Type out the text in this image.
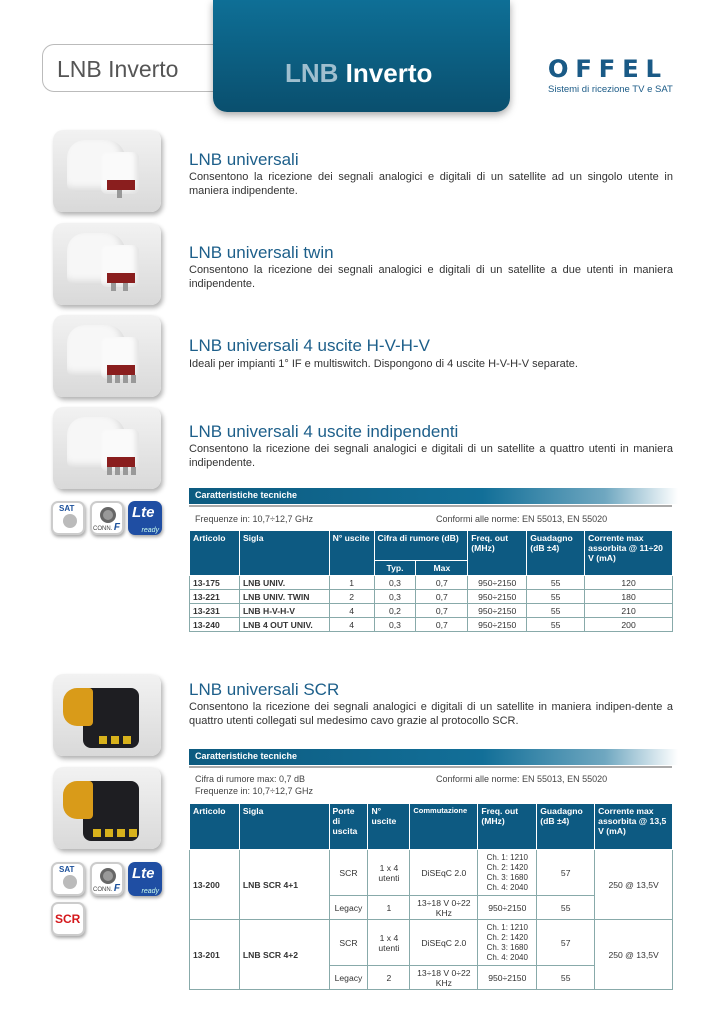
LNB Inverto	LNB Inverto	OFFEL
Sistemi di ricezione TV e SAT
SAT
CONN. F
Lte
ready
LNB universali
Consentono la ricezione dei segnali analogici e digitali di un satellite ad un singolo utente in maniera indipendente.
LNB universali twin
Consentono la ricezione dei segnali analogici e digitali di un satellite a due utenti in maniera indipendente.
LNB universali 4 uscite H-V-H-V
Ideali per impianti 1° IF e multiswitch. Dispongono di 4 uscite H-V-H-V separate.
LNB universali 4 uscite indipendenti
Consentono la ricezione dei segnali analogici e digitali di un satellite a quattro utenti in maniera indipendente.
Caratteristiche tecniche
Frequenze in: 10,7÷12,7 GHz	Conformi alle norme: EN 55013, EN 55020
Articolo	Sigla	N° uscite	Cifra di rumore (dB)		Freq. out (MHz)	Guadagno (dB ±4)	Corrente max assorbita @ 11÷20 V (mA)
			Typ.	Max			
13-175	LNB UNIV.	1	0,3	0,7	950÷2150	55	120
13-221	LNB UNIV. TWIN	2	0,3	0,7	950÷2150	55	180
13-231	LNB H-V-H-V	4	0,2	0,7	950÷2150	55	210
13-240	LNB 4 OUT UNIV.	4	0,3	0,7	950÷2150	55	200
SAT
CONN. F
Lte
ready
SCR
LNB universali SCR
Consentono la ricezione dei segnali analogici e digitali di un satellite in maniera indipen-dente a quattro utenti collegati sul medesimo cavo grazie al protocollo SCR.
Caratteristiche tecniche
Cifra di rumore max: 0,7 dB
Frequenze in: 10,7÷12,7 GHz
Conformi alle norme: EN 55013, EN 55020
Articolo	Sigla	Porte di uscita	N° uscite	Commutazione	Freq. out (MHz)	Guadagno (dB ±4)	Corrente max assorbita @ 13,5 V (mA)
13-200	LNB SCR 4+1	SCR	1 x 4 utenti	DiSEqC 2.0	Ch. 1: 1210 Ch. 2: 1420 Ch. 3: 1680 Ch. 4: 2040	57	250 @ 13,5V
		Legacy	1	13÷18 V 0÷22 KHz	950÷2150	55	
13-201	LNB SCR 4+2	SCR	1 x 4 utenti	DiSEqC 2.0	Ch. 1: 1210 Ch. 2: 1420 Ch. 3: 1680 Ch. 4: 2040	57	250 @ 13,5V
		Legacy	2	13÷18 V 0÷22 KHz	950÷2150	55	
